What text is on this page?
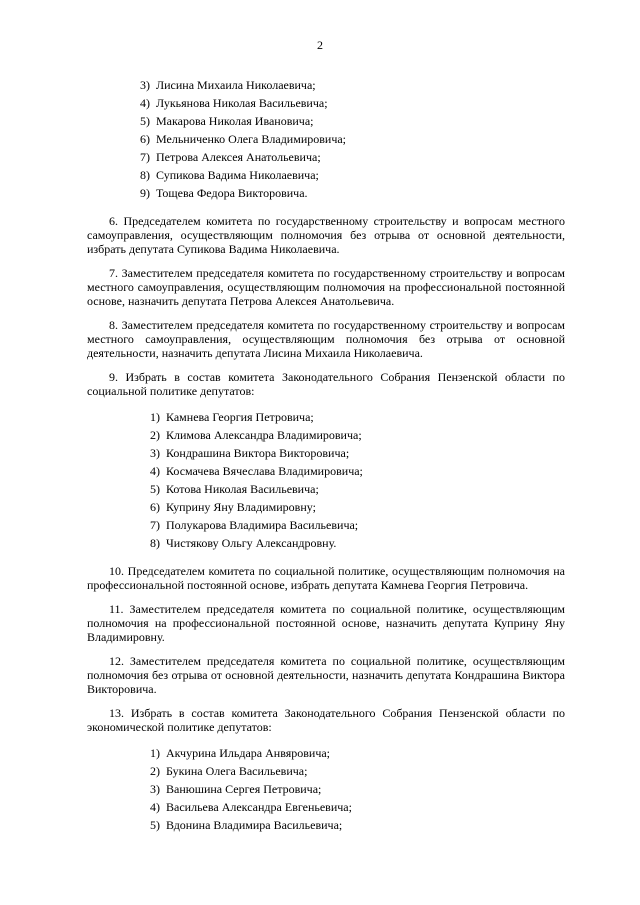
2
3) Лисина Михаила Николаевича;
4) Лукьянова Николая Васильевича;
5) Макарова Николая Ивановича;
6) Мельниченко Олега Владимировича;
7) Петрова Алексея Анатольевича;
8) Супикова Вадима Николаевича;
9) Тощева Федора Викторовича.

6. Председателем комитета по государственному строительству и вопросам местного самоуправления, осуществляющим полномочия без отрыва от основной деятельности, избрать депутата Супикова Вадима Николаевича.

7. Заместителем председателя комитета по государственному строительству и вопросам местного самоуправления, осуществляющим полномочия на профессиональной постоянной основе, назначить депутата Петрова Алексея Анатольевича.

8. Заместителем председателя комитета по государственному строительству и вопросам местного самоуправления, осуществляющим полномочия без отрыва от основной деятельности, назначить депутата Лисина Михаила Николаевича.

9. Избрать в состав комитета Законодательного Собрания Пензенской области по социальной политике депутатов:

1) Камнева Георгия Петровича;
2) Климова Александра Владимировича;
3) Кондрашина Виктора Викторовича;
4) Космачева Вячеслава Владимировича;
5) Котова Николая Васильевича;
6) Куприну Яну Владимировну;
7) Полукарова Владимира Васильевича;
8) Чистякову Ольгу Александровну.

10. Председателем комитета по социальной политике, осуществляющим полномочия на профессиональной постоянной основе, избрать депутата Камнева Георгия Петровича.

11. Заместителем председателя комитета по социальной политике, осуществляющим полномочия на профессиональной постоянной основе, назначить депутата Куприну Яну Владимировну.

12. Заместителем председателя комитета по социальной политике, осуществляющим полномочия без отрыва от основной деятельности, назначить депутата Кондрашина Виктора Викторовича.

13. Избрать в состав комитета Законодательного Собрания Пензенской области по экономической политике депутатов:

1) Акчурина Ильдара Анвяровича;
2) Букина Олега Васильевича;
3) Ванюшина Сергея Петровича;
4) Васильева Александра Евгеньевича;
5) Вдонина Владимира Васильевича;
